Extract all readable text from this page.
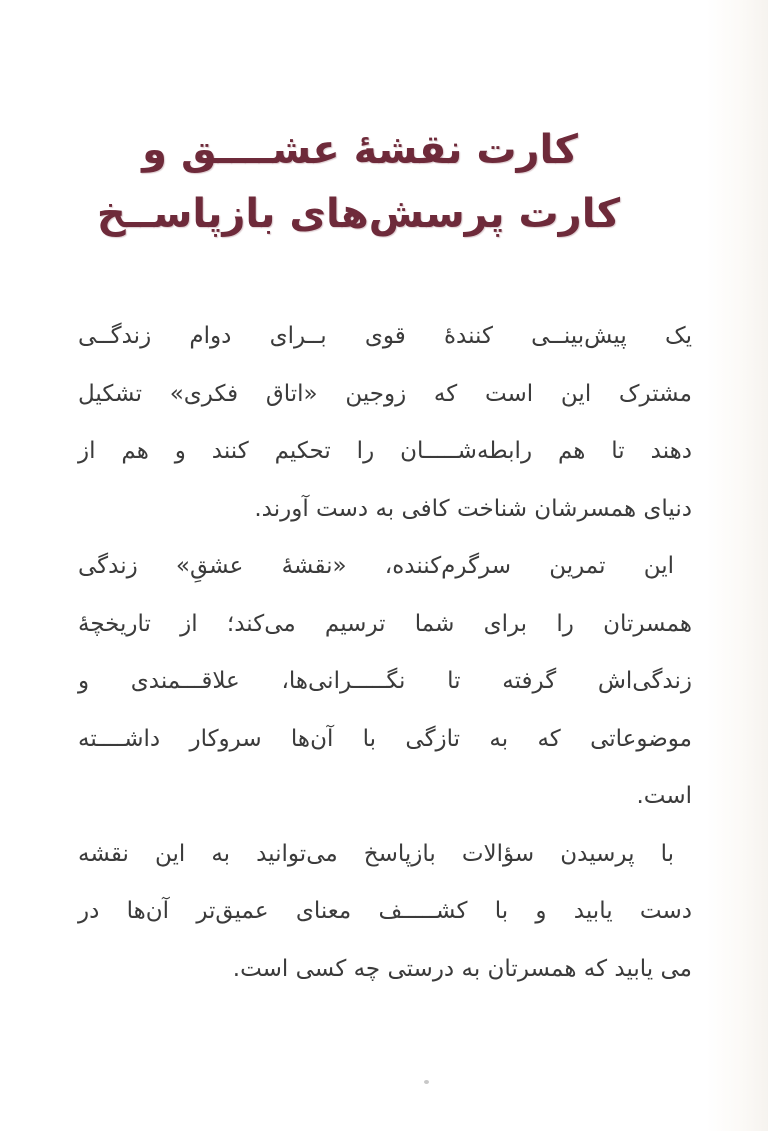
کارت نقشهٔ عشــــق و
کارت پرسش‌های بازپاســخ
یک پیش‌بینــی کنندهٔ قوی بــرای دوام زندگــی
مشترک این است که زوجین «اتاق فکری» تشکیل
دهند تا هم رابطه‌شـــــان را تحکیم کنند و هم از
دنیای همسرشان شناخت کافی به دست آورند.
این تمرین سرگرم‌کننده، «نقشهٔ عشقِ» زندگی
همسرتان را برای شما ترسیم می‌کند؛ از تاریخچهٔ
زندگی‌اش گرفته تا نگـــــرانی‌ها، علاقـــمندی و
موضوعاتی که به تازگی با آن‌ها سروکار داشــــته
است.
با پرسیدن سؤالات بازپاسخ می‌توانید به این نقشه
دست یابید و با کشـــــف معنای عمیق‌تر آن‌ها در
می یابید که همسرتان به درستی چه کسی است.
